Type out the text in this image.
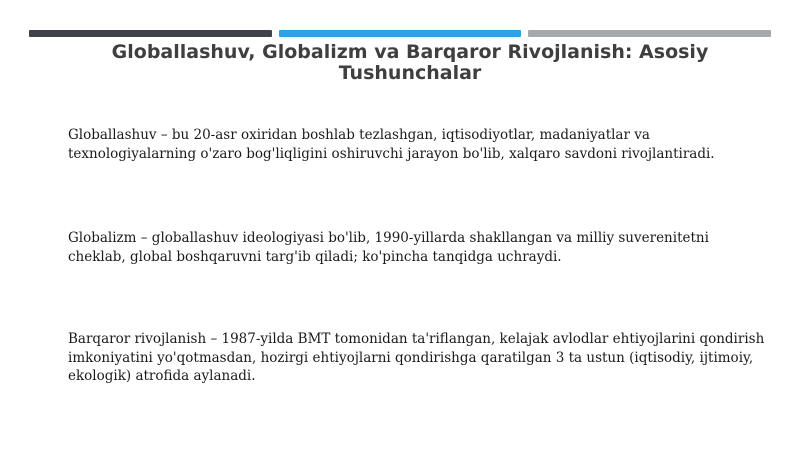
Globallashuv, Globalizm va Barqaror Rivojlanish: Asosiy Tushunchalar

Globallashuv – bu 20-asr oxiridan boshlab tezlashgan, iqtisodiyotlar, madaniyatlar va texnologiyalarning o'zaro bog'liqligini oshiruvchi jarayon bo'lib, xalqaro savdoni rivojlantiradi.

Globalizm – globallashuv ideologiyasi bo'lib, 1990-yillarda shakllangan va milliy suverenitetni cheklab, global boshqaruvni targ'ib qiladi; ko'pincha tanqidga uchraydi.

Barqaror rivojlanish – 1987-yilda BMT tomonidan ta'riflangan, kelajak avlodlar ehtiyojlarini qondirish imkoniyatini yo'qotmasdan, hozirgi ehtiyojlarni qondirishga qaratilgan 3 ta ustun (iqtisodiy, ijtimoiy, ekologik) atrofida aylanadi.
